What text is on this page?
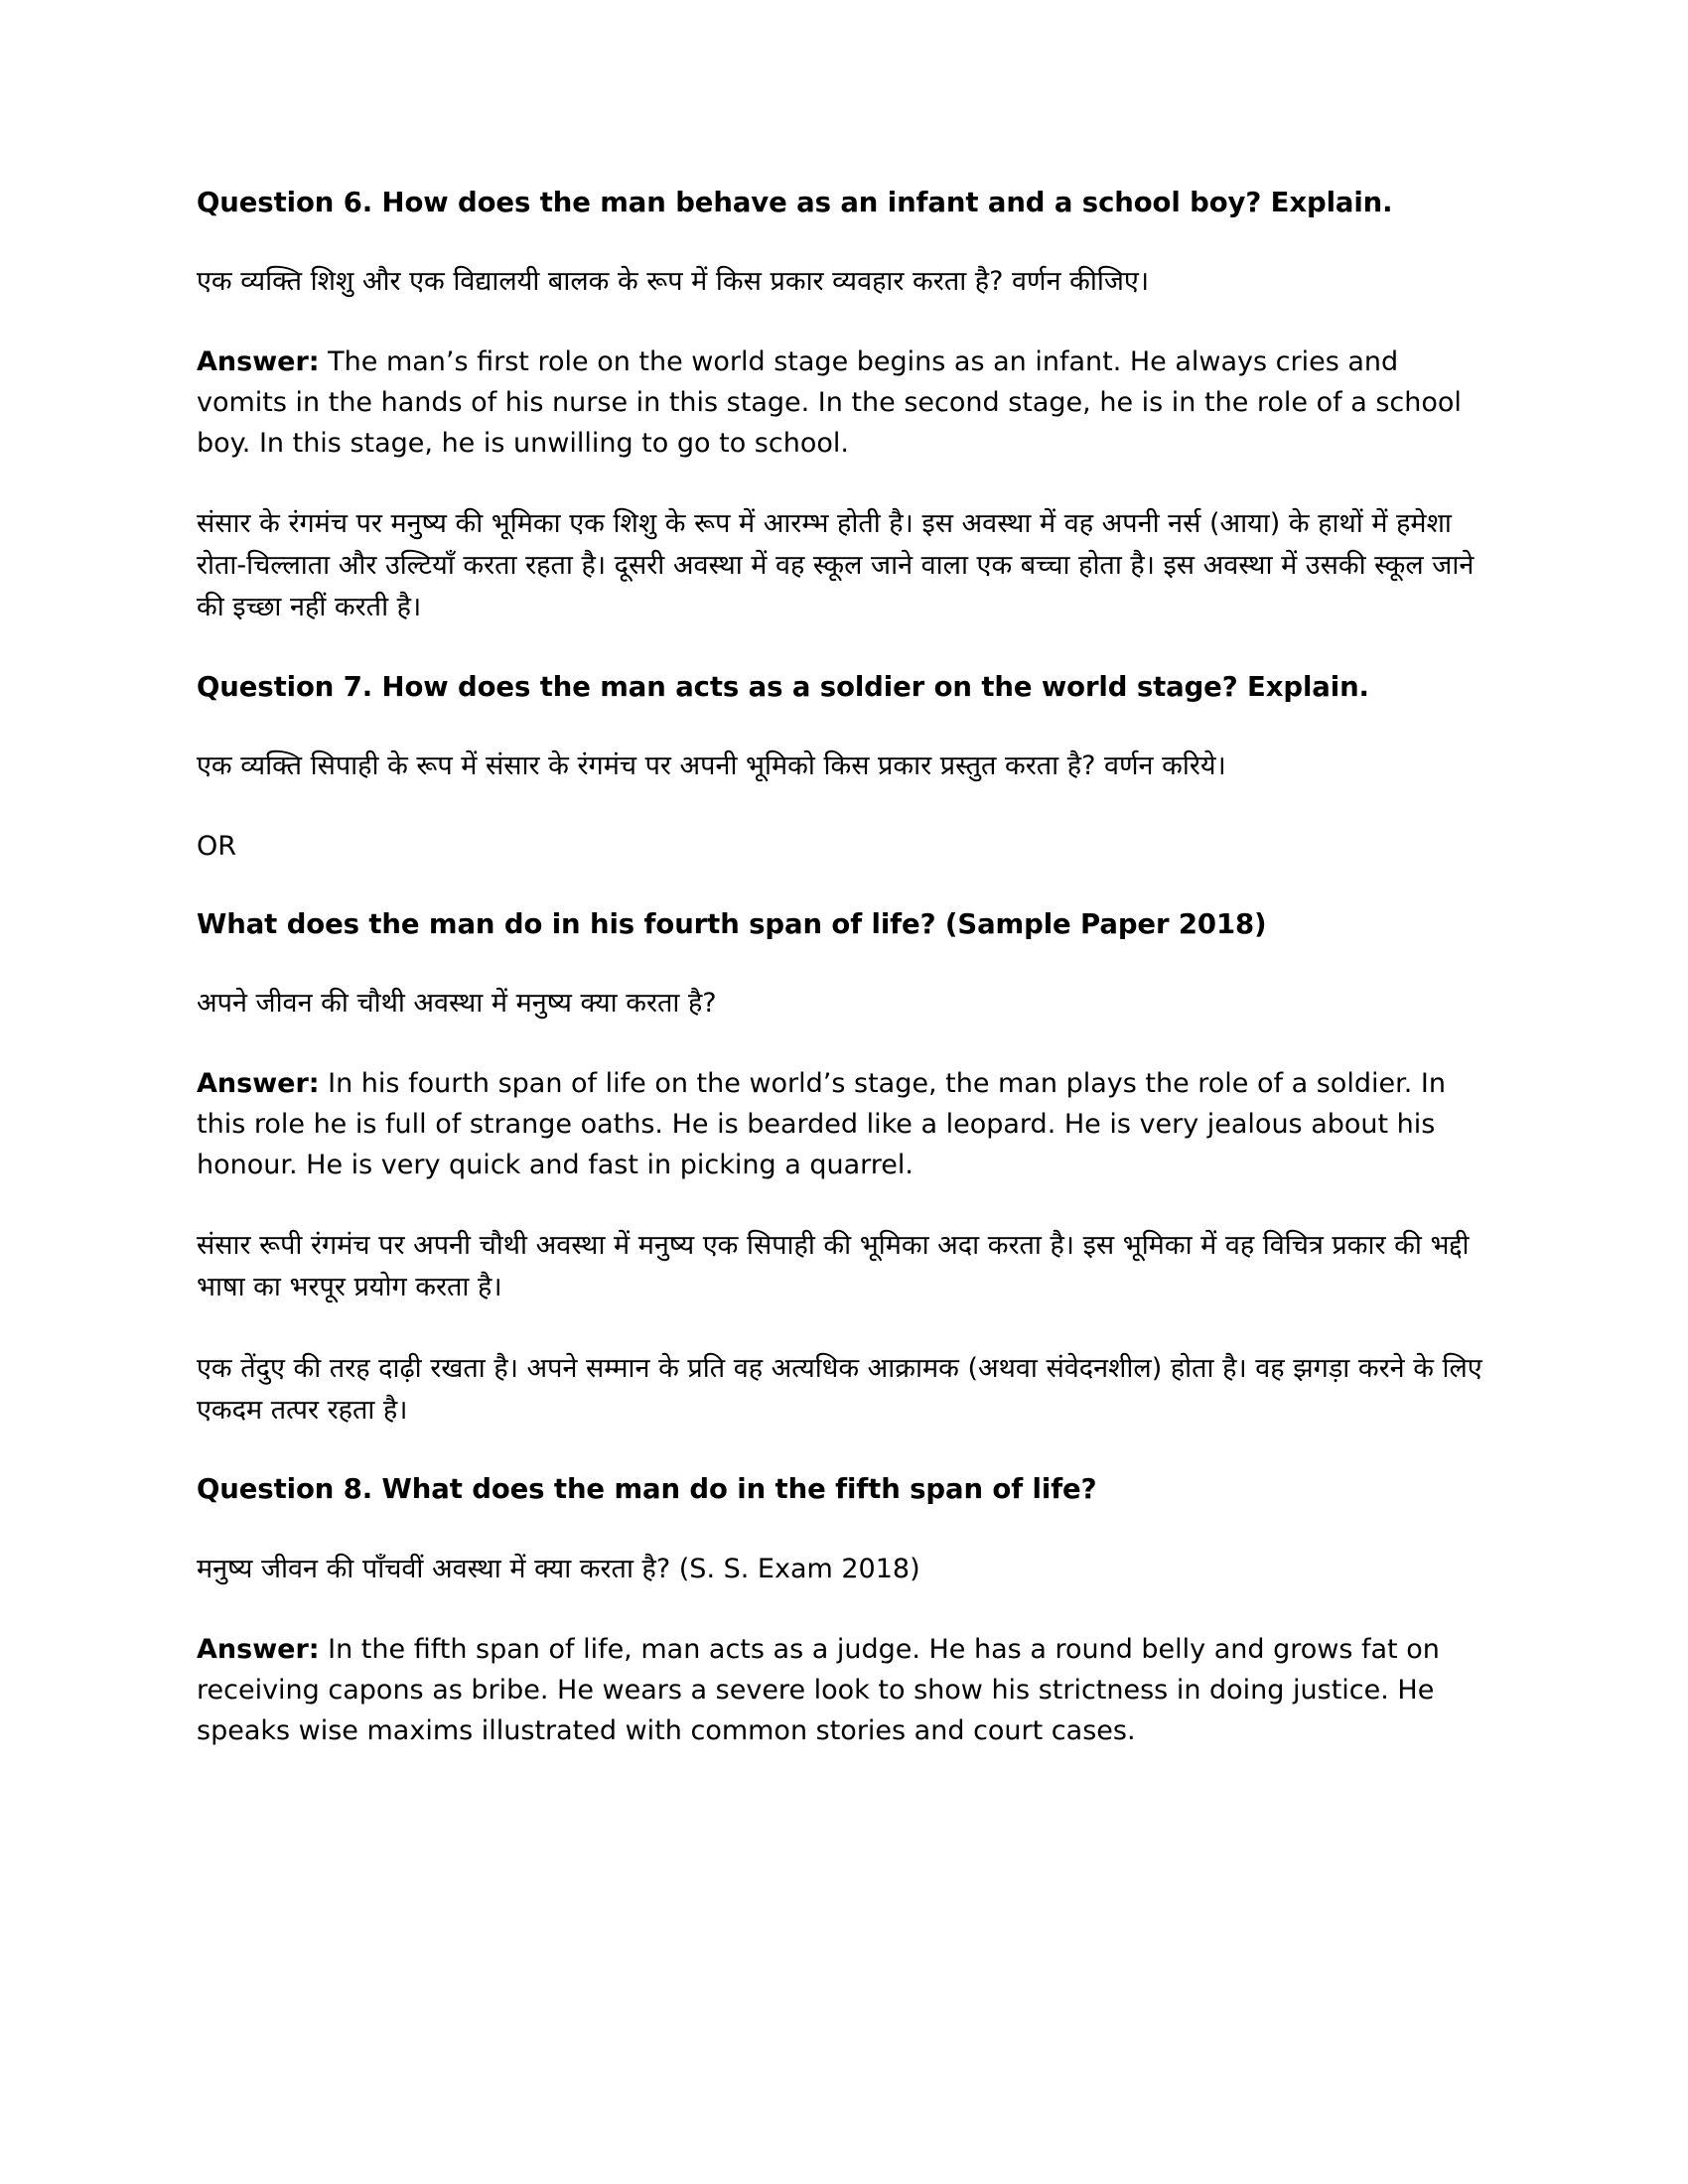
Question 6. How does the man behave as an infant and a school boy? Explain.

एक व्यक्ति शिशु और एक विद्यालयी बालक के रूप में किस प्रकार व्यवहार करता है? वर्णन कीजिए।

Answer: The man’s first role on the world stage begins as an infant. He always cries and vomits in the hands of his nurse in this stage. In the second stage, he is in the role of a school boy. In this stage, he is unwilling to go to school.

संसार के रंगमंच पर मनुष्य की भूमिका एक शिशु के रूप में आरम्भ होती है। इस अवस्था में वह अपनी नर्स (आया) के हाथों में हमेशा रोता-चिल्लाता और उल्टियाँ करता रहता है। दूसरी अवस्था में वह स्कूल जाने वाला एक बच्चा होता है। इस अवस्था में उसकी स्कूल जाने की इच्छा नहीं करती है।

Question 7. How does the man acts as a soldier on the world stage? Explain.

एक व्यक्ति सिपाही के रूप में संसार के रंगमंच पर अपनी भूमिको किस प्रकार प्रस्तुत करता है? वर्णन करिये।

OR

What does the man do in his fourth span of life? (Sample Paper 2018)

अपने जीवन की चौथी अवस्था में मनुष्य क्या करता है?

Answer: In his fourth span of life on the world’s stage, the man plays the role of a soldier. In this role he is full of strange oaths. He is bearded like a leopard. He is very jealous about his honour. He is very quick and fast in picking a quarrel.

संसार रूपी रंगमंच पर अपनी चौथी अवस्था में मनुष्य एक सिपाही की भूमिका अदा करता है। इस भूमिका में वह विचित्र प्रकार की भद्दी भाषा का भरपूर प्रयोग करता है।

एक तेंदुए की तरह दाढ़ी रखता है। अपने सम्मान के प्रति वह अत्यधिक आक्रामक (अथवा संवेदनशील) होता है। वह झगड़ा करने के लिए एकदम तत्पर रहता है।

Question 8. What does the man do in the fifth span of life?

मनुष्य जीवन की पाँचवीं अवस्था में क्या करता है? (S. S. Exam 2018)

Answer: In the fifth span of life, man acts as a judge. He has a round belly and grows fat on receiving capons as bribe. He wears a severe look to show his strictness in doing justice. He speaks wise maxims illustrated with common stories and court cases.
